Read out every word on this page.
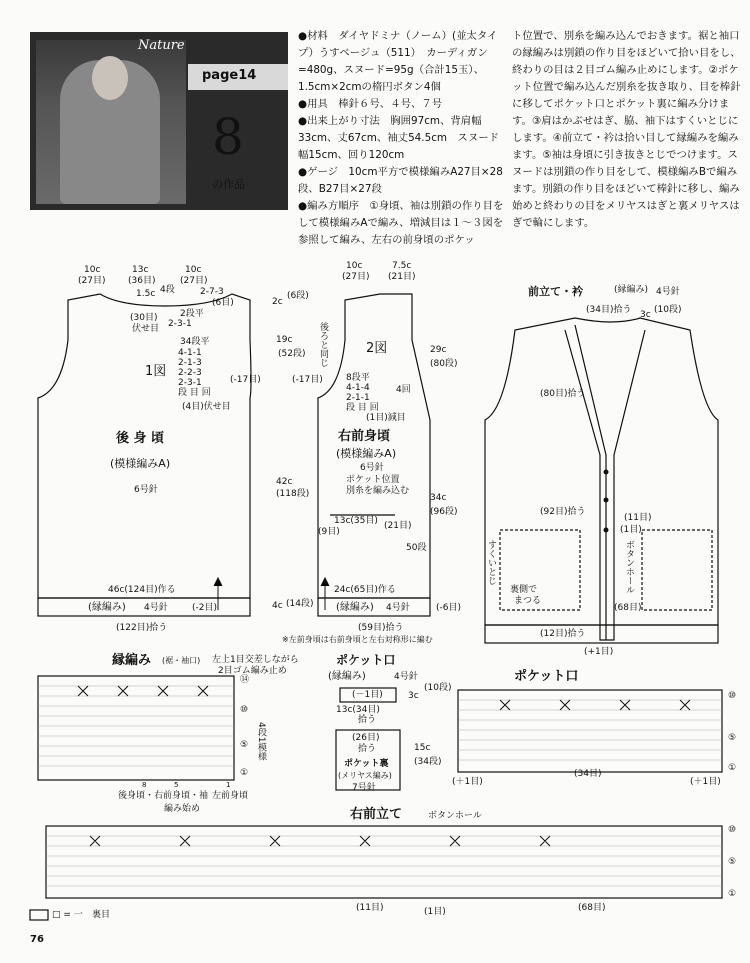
Nature
page14
8
の作品

●材料　ダイヤドミナ（ノーム）(並太タイプ）うすベージュ（511）　カーディガン=480g、スヌード=95g（合計15玉）、1.5cm×2cmの楕円ボタン4個

●用具　棒針６号、４号、７号

●出来上がり寸法　胸囲97cm、背肩幅33cm、丈67cm、袖丈54.5cm　スヌード　幅15cm、回り120cm

●ゲージ　10cm平方で模様編みA27目×28段、B27目×27段

●編み方順序　①身頃、袖は別鎖の作り目をして模様編みAで編み、増減目は１～３図を参照して編み、左右の前身頃のポケッ

ト位置で、別糸を編み込んでおきます。裾と袖口の縁編みは別鎖の作り目をほどいて拾い目をし、終わりの目は２目ゴム編み止めにします。②ポケット位置で編み込んだ別糸を抜き取り、目を棒針に移してポケット口とポケット裏に編み分けます。③肩はかぶせはぎ、脇、袖下はすくいとじにします。④前立て・衿は拾い目して縁編みを編みます。⑤袖は身頃に引き抜きとじでつけます。スヌードは別鎖の作り目をして、模様編みBで編みます。別鎖の作り目をほどいて棒針に移し、編み始めと終わりの目をメリヤスはぎと裏メリヤスはぎで輪にします。

10c
(27目)
13c
(36目)
10c
(27目)
1.5c 4段
(30目)
伏せ目
2-7-3
(6目)
2段平
2-3-1
34段平
4-1-1
2-1-3
2-2-3
2-3-1
段 目 回
1図
(-17目)
(4目)伏せ目
後 身 頃
(模様編みA)
6号針
46c(124目)作る
(縁編み) 4号針	(-2目)
(122目)拾う
10c
(27目)
7.5c
(21目)
2c
(6段)
後ろと同じ
19c
(52段)
(-17目)
2図
8段平
4-1-4
2-1-1
段 目 回
4回
(1目)減目
右前身頃
(模様編みA)
6号針
ポケット位置
別糸を編み込む
13c(35目) (21目)
(9目)
42c
(118段)
29c
(80段)
34c
(96段)
50段
24c(65目)作る
(縁編み) 4号針
4c (14段)	(-6目)
(59目)拾う
※左前身頃は右前身頃と左右対称形に編む
前立て・衿	(縁編み) 4号針
(34目)拾う 3c (10段)
(80目)拾う
(92目)拾う
(11目)
(1目)
ボタンホール
すくいとじ
裏側で
まつる
(12目)拾う
(+1目)
(68目)
縁編み (裾・袖口) 左上1目交差しながら
2目ゴム編み止め
⑭
⑩
⑤
①
4段1模様
8	5	1
後身頃・右前身頃・袖 左前身頃
編み始め
ポケット口
(縁編み)	4号針
(－1目)	3c
(10段)
13c(34目)
拾う
(26目)
拾う
ポケット裏
(メリヤス編み)
7号針
15c
(34段)
ポケット口
(34目)
(＋1目)	(＋1目)
⑩
⑤
①
右前立て	ボタンホール
⑩
⑤
①
(11目)	(1目)	(68目)
□ = 一 裏目
76
